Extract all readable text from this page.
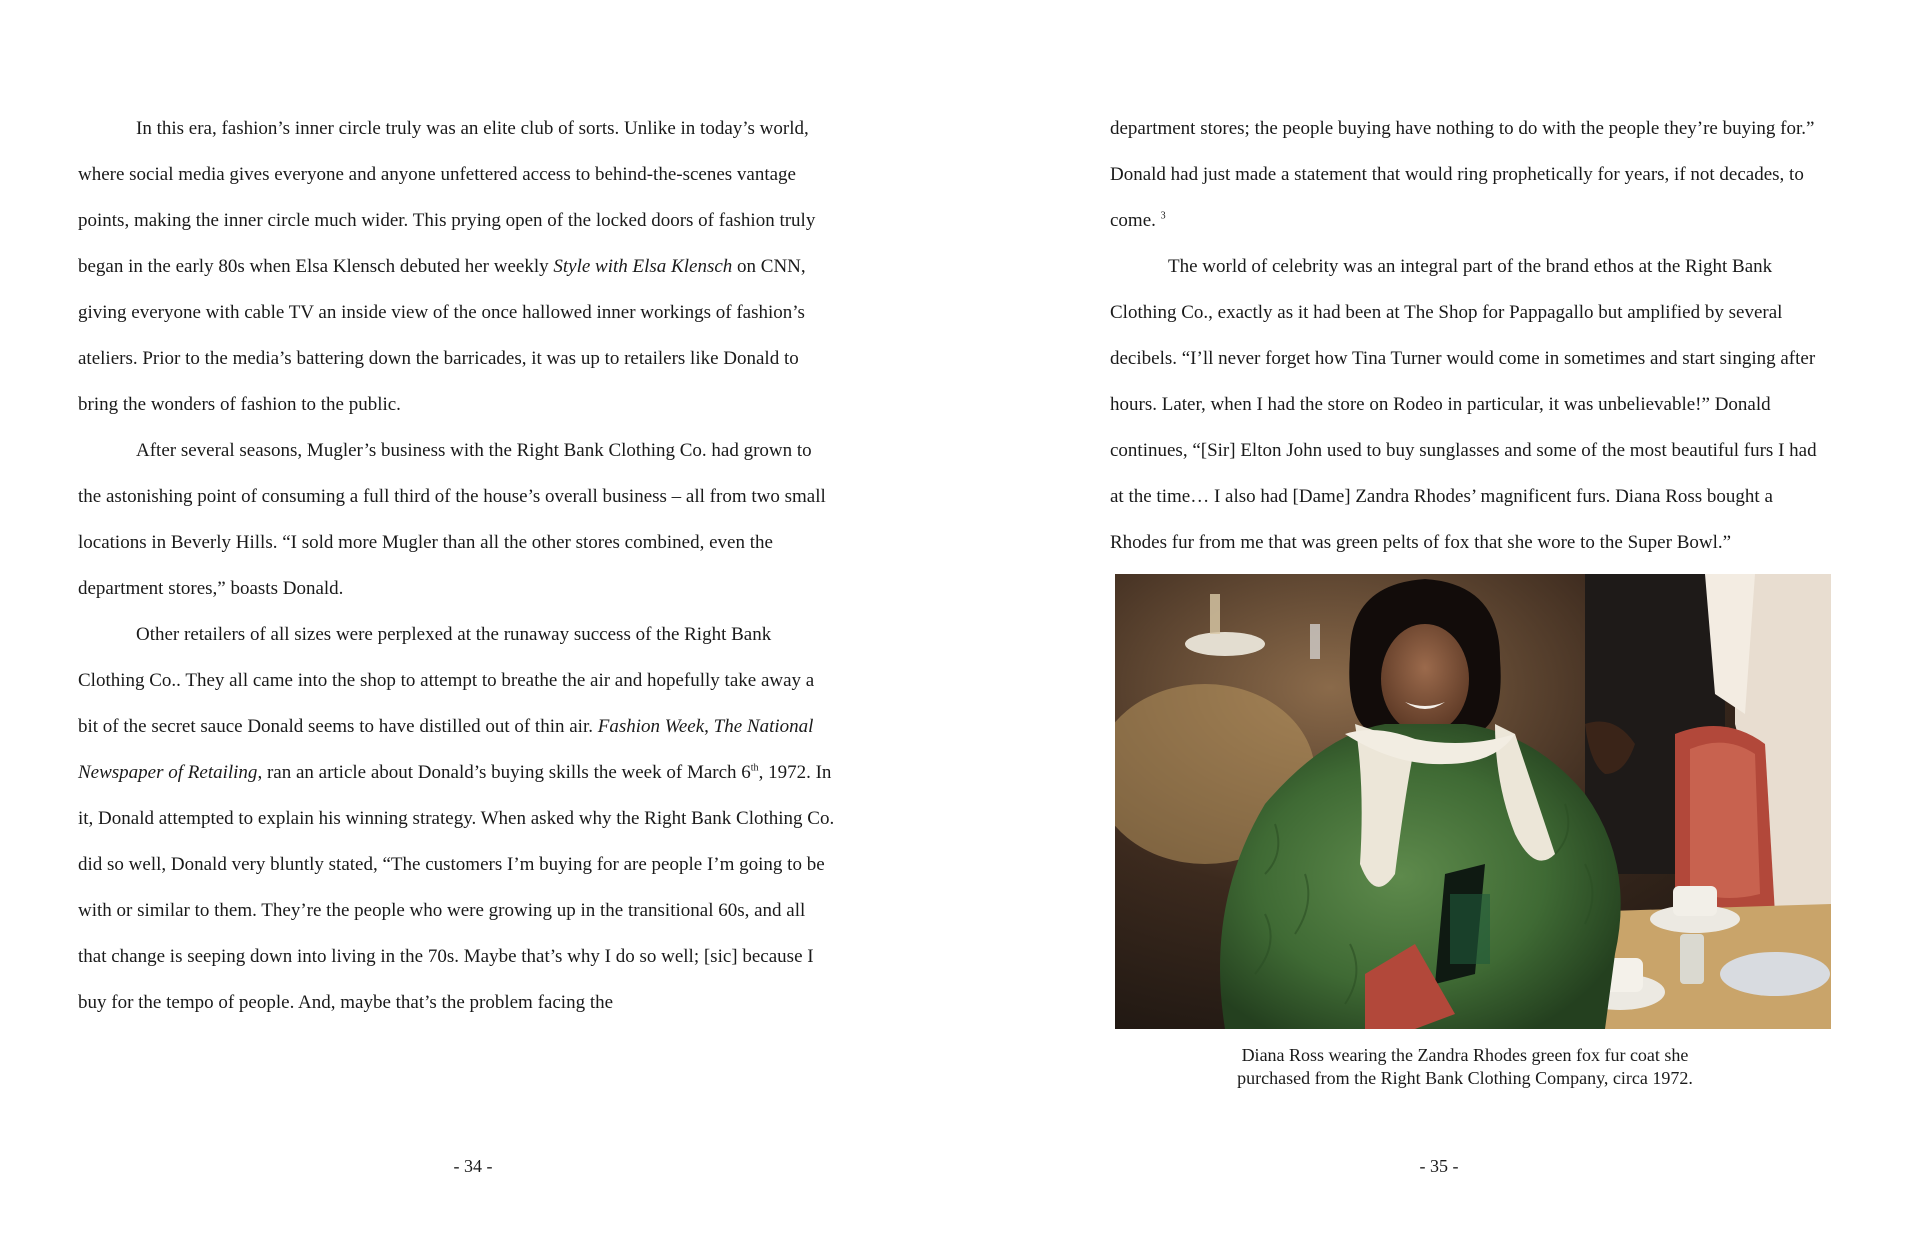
In this era, fashion’s inner circle truly was an elite club of sorts. Unlike in today’s world, where social media gives everyone and anyone unfettered access to behind-the-scenes vantage points, making the inner circle much wider. This prying open of the locked doors of fashion truly began in the early 80s when Elsa Klensch debuted her weekly Style with Elsa Klensch on CNN, giving everyone with cable TV an inside view of the once hallowed inner workings of fashion’s ateliers. Prior to the media’s battering down the barricades, it was up to retailers like Donald to bring the wonders of fashion to the public.

After several seasons, Mugler’s business with the Right Bank Clothing Co. had grown to the astonishing point of consuming a full third of the house’s overall business – all from two small locations in Beverly Hills. “I sold more Mugler than all the other stores combined, even the department stores,” boasts Donald.

Other retailers of all sizes were perplexed at the runaway success of the Right Bank Clothing Co.. They all came into the shop to attempt to breathe the air and hopefully take away a bit of the secret sauce Donald seems to have distilled out of thin air. Fashion Week, The National Newspaper of Retailing, ran an article about Donald’s buying skills the week of March 6th, 1972. In it, Donald attempted to explain his winning strategy. When asked why the Right Bank Clothing Co. did so well, Donald very bluntly stated, “The customers I’m buying for are people I’m going to be with or similar to them. They’re the people who were growing up in the transitional 60s, and all that change is seeping down into living in the 70s. Maybe that’s why I do so well; [sic] because I buy for the tempo of people. And, maybe that’s the problem facing the

- 34 -

department stores; the people buying have nothing to do with the people they’re buying for.” Donald had just made a statement that would ring prophetically for years, if not decades, to come. $^3$

The world of celebrity was an integral part of the brand ethos at the Right Bank Clothing Co., exactly as it had been at The Shop for Pappagallo but amplified by several decibels. “I’ll never forget how Tina Turner would come in sometimes and start singing after hours. Later, when I had the store on Rodeo in particular, it was unbelievable!” Donald continues, “[Sir] Elton John used to buy sunglasses and some of the most beautiful furs I had at the time… I also had [Dame] Zandra Rhodes’ magnificent furs. Diana Ross bought a Rhodes fur from me that was green pelts of fox that she wore to the Super Bowl.”

Diana Ross wearing the Zandra Rhodes green fox fur coat she
purchased from the Right Bank Clothing Company, circa 1972.

- 35 -
